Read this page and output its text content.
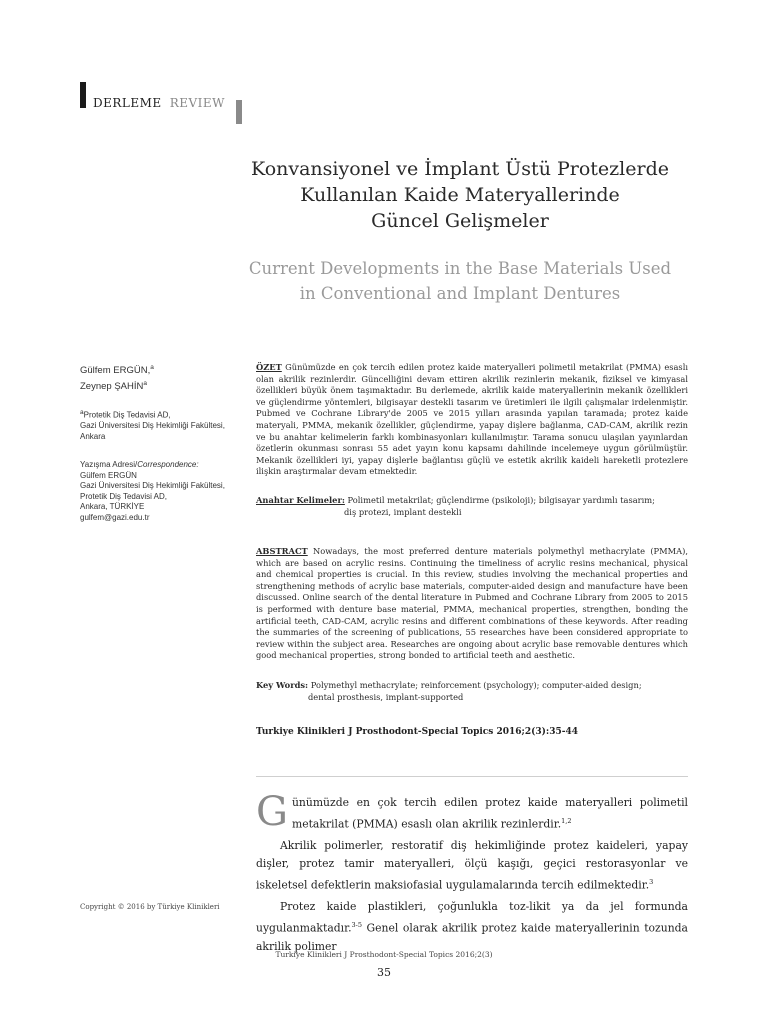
DERLEME REVIEW
Konvansiyonel ve İmplant Üstü Protezlerde
Kullanılan Kaide Materyallerinde
Güncel Gelişmeler
Current Developments in the Base Materials Used
in Conventional and Implant Dentures
Gülfem ERGÜN,$^a$
Zeynep ŞAHİN$^a$
$^a$Protetik Diş Tedavisi AD,
Gazi Üniversitesi Diş Hekimliği Fakültesi,
Ankara
Yazışma Adresi/Correspondence:
Gülfem ERGÜN
Gazi Üniversitesi Diş Hekimliği Fakültesi,
Protetik Diş Tedavisi AD,
Ankara, TÜRKİYE
gulfem@gazi.edu.tr
Copyright © 2016 by Türkiye Klinikleri
ÖZET Günümüzde en çok tercih edilen protez kaide materyalleri polimetil metakrilat (PMMA) esaslı olan akrilik rezinlerdir. Güncelliğini devam ettiren akrilik rezinlerin mekanik, fiziksel ve kimyasal özellikleri büyük önem taşımaktadır. Bu derlemede, akrilik kaide materyallerinin mekanik özellikleri ve güçlendirme yöntemleri, bilgisayar destekli tasarım ve üretimleri ile ilgili çalışmalar irdelenmiştir. Pubmed ve Cochrane Library'de 2005 ve 2015 yılları arasında yapılan taramada; protez kaide materyali, PMMA, mekanik özellikler, güçlendirme, yapay dişlere bağlanma, CAD-CAM, akrilik rezin ve bu anahtar kelimelerin farklı kombinasyonları kullanılmıştır. Tarama sonucu ulaşılan yayınlardan özetlerin okunması sonrası 55 adet yayın konu kapsamı dahilinde incelemeye uygun görülmüştür. Mekanik özellikleri iyi, yapay dişlerle bağlantısı güçlü ve estetik akrilik kaideli hareketli protezlere ilişkin araştırmalar devam etmektedir.
Anahtar Kelimeler: Polimetil metakrilat; güçlendirme (psikoloji); bilgisayar yardımlı tasarım;
diş protezi, implant destekli
ABSTRACT Nowadays, the most preferred denture materials polymethyl methacrylate (PMMA), which are based on acrylic resins. Continuing the timeliness of acrylic resins mechanical, physical and chemical properties is crucial. In this review, studies involving the mechanical properties and strengthening methods of acrylic base materials, computer-aided design and manufacture have been discussed. Online search of the dental literature in Pubmed and Cochrane Library from 2005 to 2015 is performed with denture base material, PMMA, mechanical properties, strengthen, bonding the artificial teeth, CAD-CAM, acrylic resins and different combinations of these keywords. After reading the summaries of the screening of publications, 55 researches have been considered appropriate to review within the subject area. Researches are ongoing about acrylic base removable dentures which good mechanical properties, strong bonded to artificial teeth and aesthetic.
Key Words: Polymethyl methacrylate; reinforcement (psychology); computer-aided design;
dental prosthesis, implant-supported
Turkiye Klinikleri J Prosthodont-Special Topics 2016;2(3):35-44

Günümüzde en çok tercih edilen protez kaide materyalleri polimetil metakrilat (PMMA) esaslı olan akrilik rezinlerdir.$^{1,2}$

Akrilik polimerler, restoratif diş hekimliğinde protez kaideleri, yapay dişler, protez tamir materyalleri, ölçü kaşığı, geçici restorasyonlar ve iskeletsel defektlerin maksiofasial uygulamalarında tercih edilmektedir.$^3$

Protez kaide plastikleri, çoğunlukla toz-likit ya da jel formunda uygulanmaktadır.$^{3-5}$ Genel olarak akrilik protez kaide materyallerinin tozunda akrilik polimer

Turkiye Klinikleri J Prosthodont-Special Topics 2016;2(3)
35
